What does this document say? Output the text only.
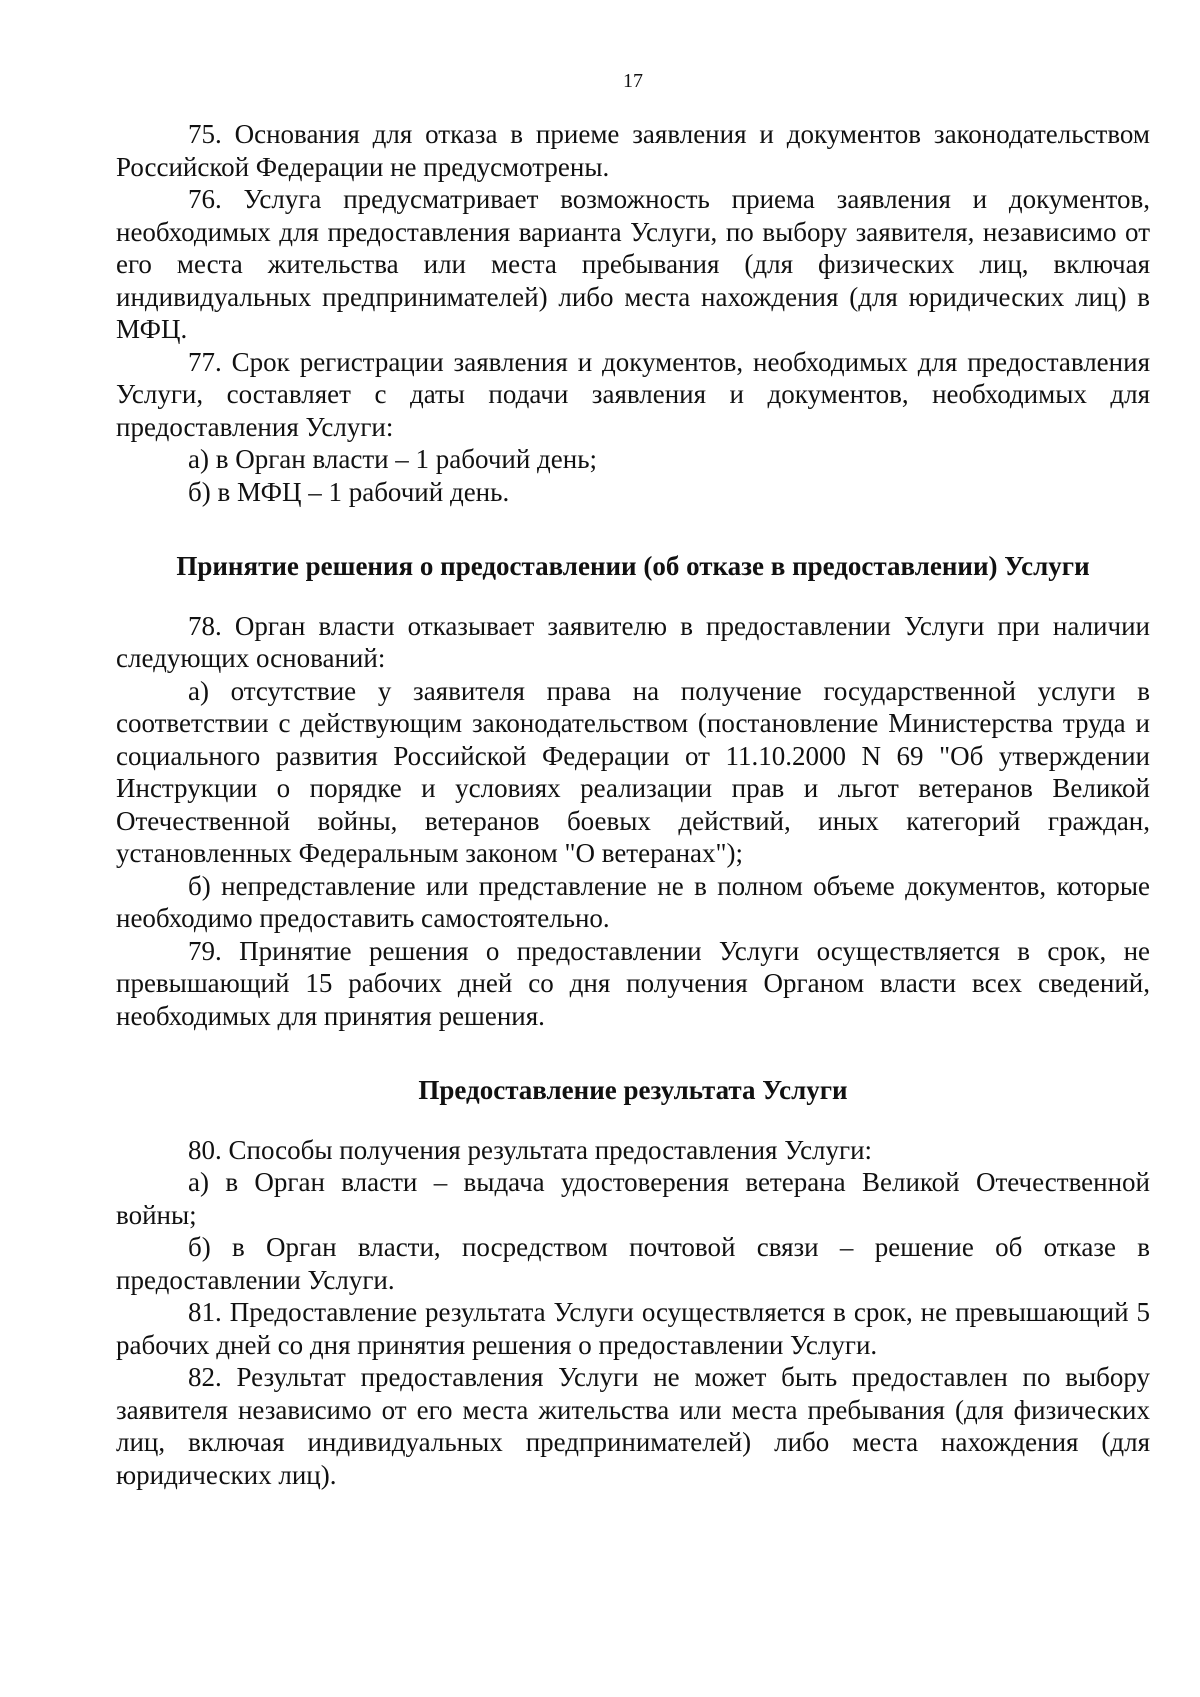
17

75. Основания для отказа в приеме заявления и документов законодательством Российской Федерации не предусмотрены.

76. Услуга предусматривает возможность приема заявления и документов, необходимых для предоставления варианта Услуги, по выбору заявителя, независимо от его места жительства или места пребывания (для физических лиц, включая индивидуальных предпринимателей) либо места нахождения (для юридических лиц) в МФЦ.

77. Срок регистрации заявления и документов, необходимых для предоставления Услуги, составляет с даты подачи заявления и документов, необходимых для предоставления Услуги:

а) в Орган власти – 1 рабочий день;

б) в МФЦ – 1 рабочий день.

Принятие решения о предоставлении (об отказе в предоставлении) Услуги

78. Орган власти отказывает заявителю в предоставлении Услуги при наличии следующих оснований:

а) отсутствие у заявителя права на получение государственной услуги в соответствии с действующим законодательством (постановление Министерства труда и социального развития Российской Федерации от 11.10.2000 N 69 "Об утверждении Инструкции о порядке и условиях реализации прав и льгот ветеранов Великой Отечественной войны, ветеранов боевых действий, иных категорий граждан, установленных Федеральным законом "О ветеранах");

б) непредставление или представление не в полном объеме документов, которые необходимо предоставить самостоятельно.

79. Принятие решения о предоставлении Услуги осуществляется в срок, не превышающий 15 рабочих дней со дня получения Органом власти всех сведений, необходимых для принятия решения.

Предоставление результата Услуги

80. Способы получения результата предоставления Услуги:

а) в Орган власти – выдача удостоверения ветерана Великой Отечественной войны;

б) в Орган власти, посредством почтовой связи – решение об отказе в предоставлении Услуги.

81. Предоставление результата Услуги осуществляется в срок, не превышающий 5 рабочих дней со дня принятия решения о предоставлении Услуги.

82. Результат предоставления Услуги не может быть предоставлен по выбору заявителя независимо от его места жительства или места пребывания (для физических лиц, включая индивидуальных предпринимателей) либо места нахождения (для юридических лиц).
